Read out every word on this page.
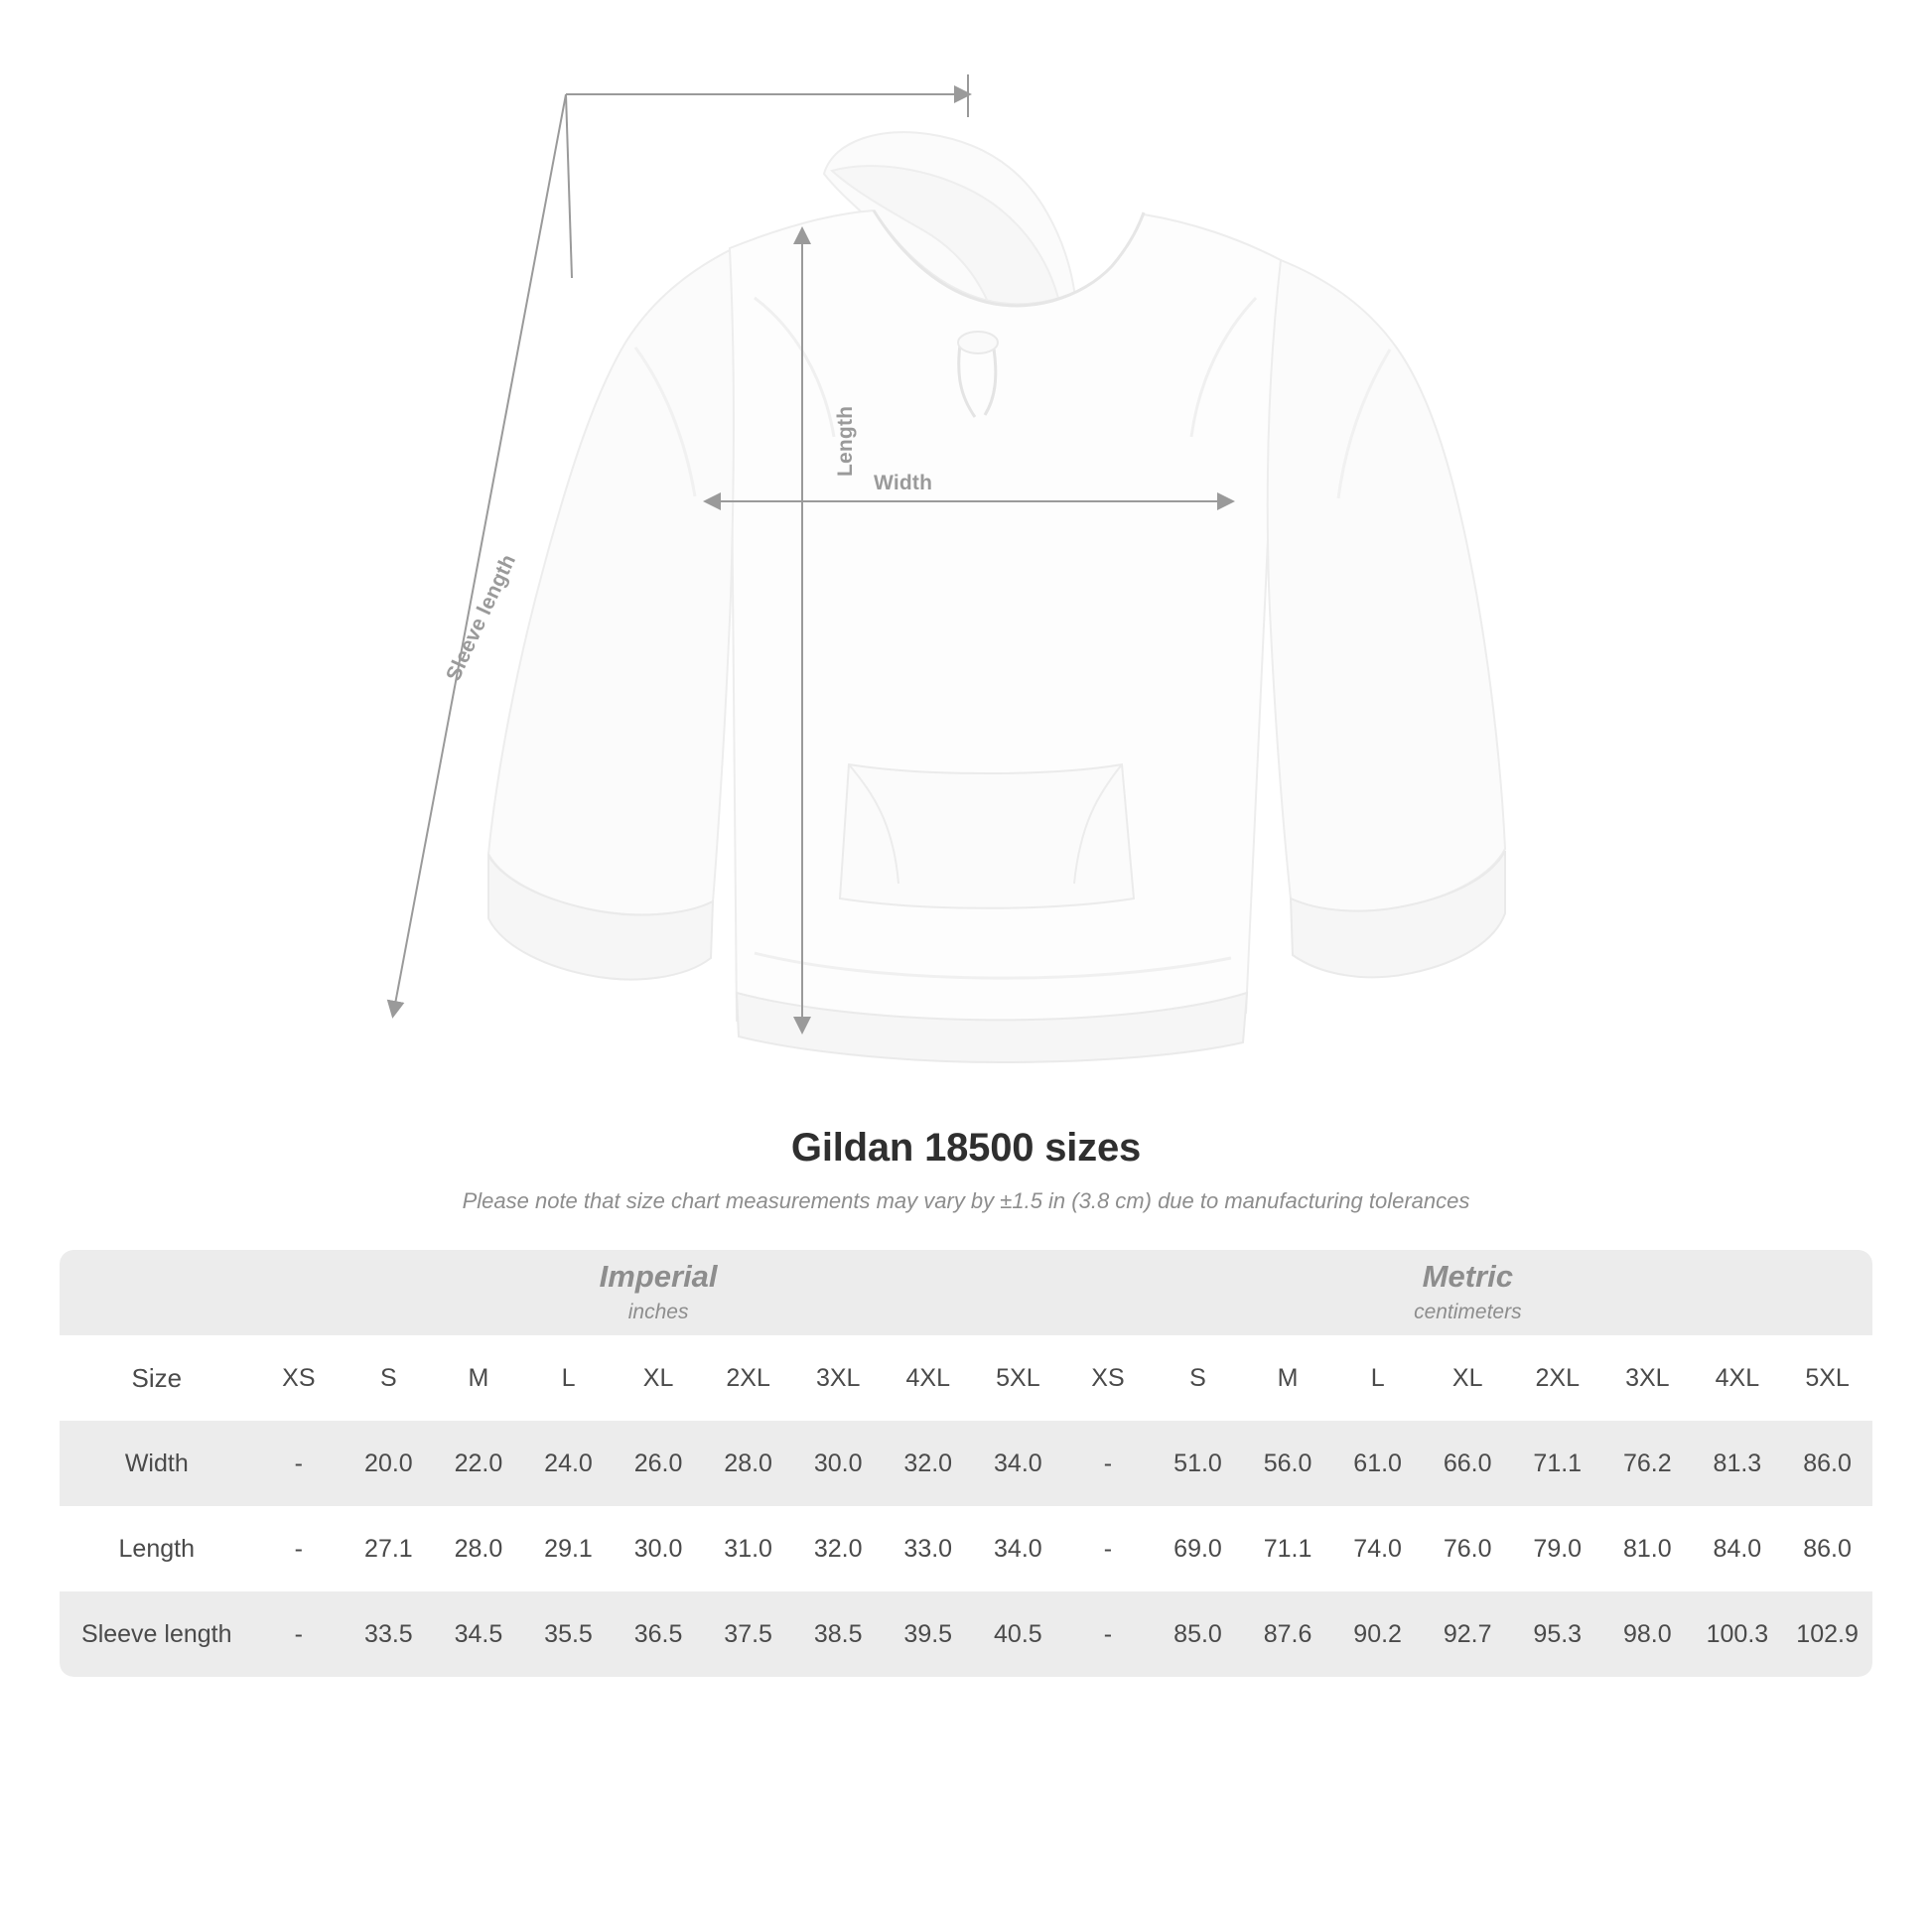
Length
Width
Sleeve length
Gildan 18500 sizes
Please note that size chart measurements may vary by ±1.5 in (3.8 cm) due to manufacturing tolerances

Imperial
inches

Metric
centimeters

Size	XS	S	M	L	XL	2XL	3XL	4XL	5XL	XS	S	M	L	XL	2XL	3XL	4XL	5XL
Width	-	20.0	22.0	24.0	26.0	28.0	30.0	32.0	34.0	-	51.0	56.0	61.0	66.0	71.1	76.2	81.3	86.0
Length	-	27.1	28.0	29.1	30.0	31.0	32.0	33.0	34.0	-	69.0	71.1	74.0	76.0	79.0	81.0	84.0	86.0
Sleeve length	-	33.5	34.5	35.5	36.5	37.5	38.5	39.5	40.5	-	85.0	87.6	90.2	92.7	95.3	98.0	100.3	102.9
